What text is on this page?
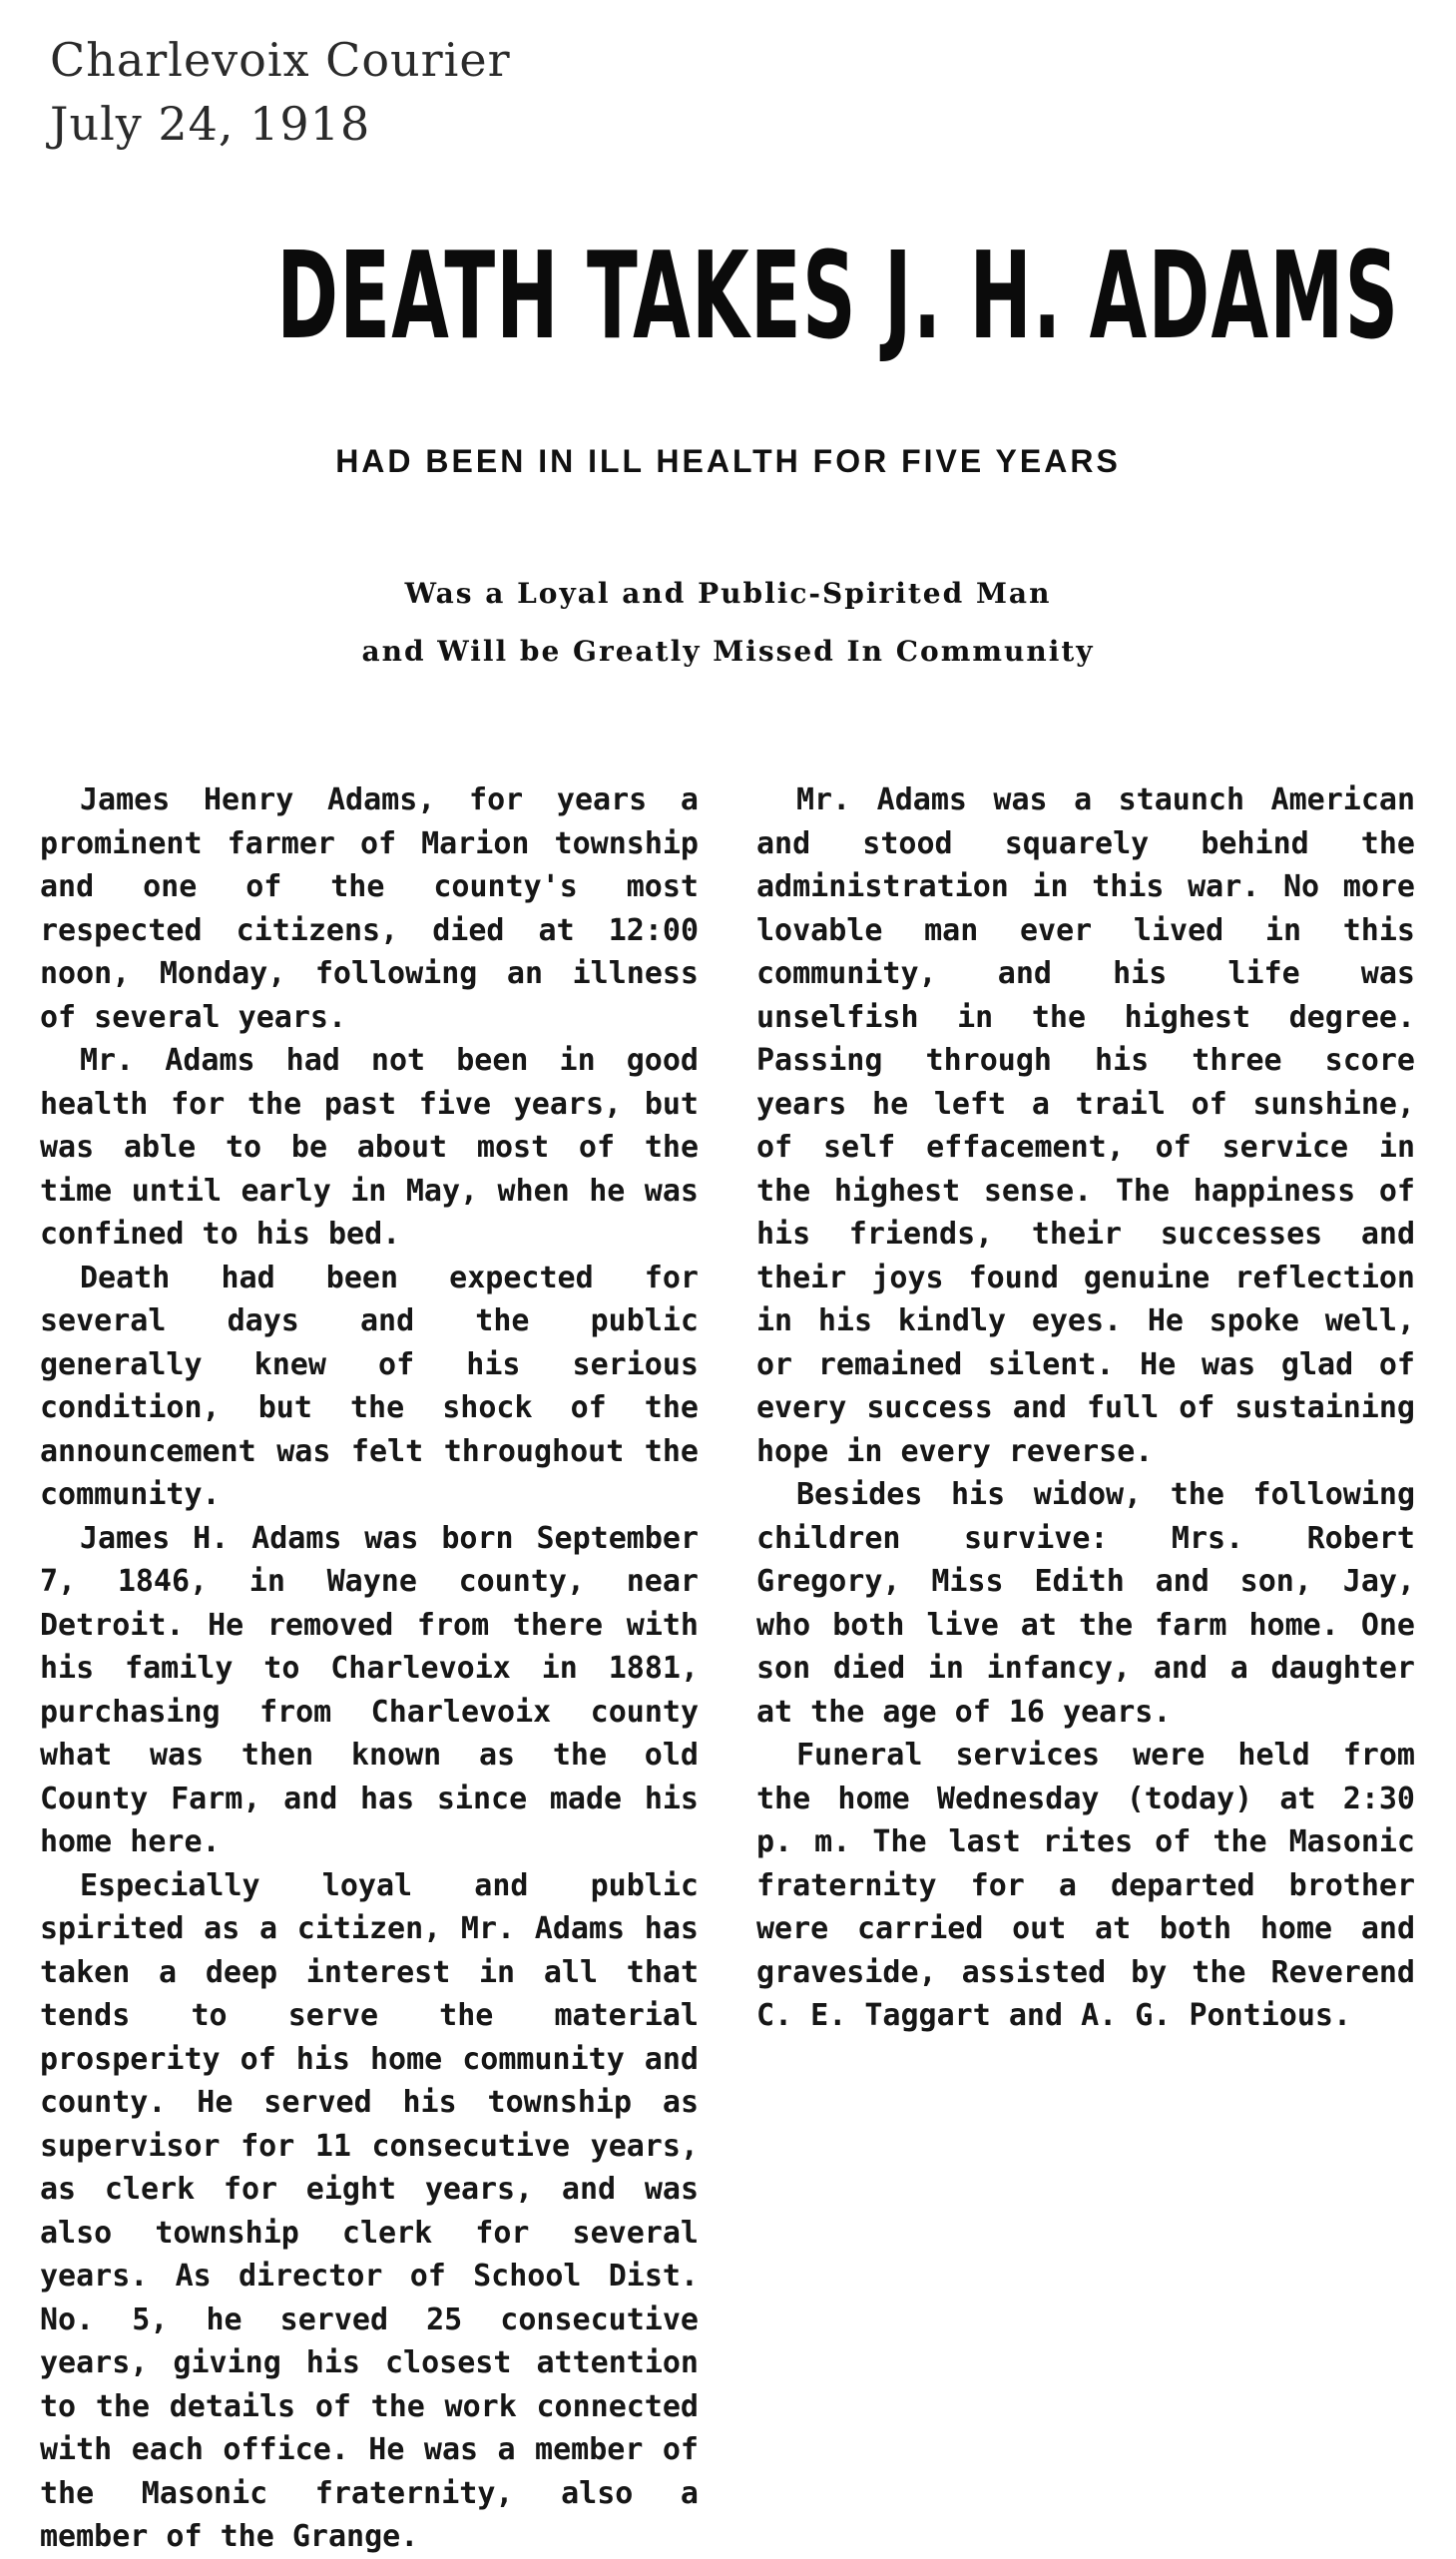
Charlevoix Courier
July 24, 1918
DEATH TAKES J. H. ADAMS
HAD BEEN IN ILL HEALTH FOR FIVE YEARS
Was a Loyal and Public-Spirited Man
and Will be Greatly Missed In Community

James Henry Adams, for years a prominent farmer of Marion township and one of the county's most respected citizens, died at 12:00 noon, Monday, following an illness of several years.

Mr. Adams had not been in good health for the past five years, but was able to be about most of the time until early in May, when he was confined to his bed.

Death had been expected for several days and the public generally knew of his serious condition, but the shock of the announcement was felt throughout the community.

James H. Adams was born September 7, 1846, in Wayne county, near Detroit. He removed from there with his family to Charlevoix in 1881, purchasing from Charlevoix county what was then known as the old County Farm, and has since made his home here.

Especially loyal and public spirited as a citizen, Mr. Adams has taken a deep interest in all that tends to serve the material prosperity of his home community and county. He served his township as supervisor for 11 consecutive years, as clerk for eight years, and was also township clerk for several years. As director of School Dist. No. 5, he served 25 consecutive years, giving his closest attention to the details of the work connected with each office. He was a member of the Masonic fraternity, also a member of the Grange.

Mr. Adams was a staunch American and stood squarely behind the administration in this war. No more lovable man ever lived in this community, and his life was unselfish in the highest degree. Passing through his three score years he left a trail of sunshine, of self effacement, of service in the highest sense. The happiness of his friends, their successes and their joys found genuine reflection in his kindly eyes. He spoke well, or remained silent. He was glad of every success and full of sustaining hope in every reverse.

Besides his widow, the following children survive: Mrs. Robert Gregory, Miss Edith and son, Jay, who both live at the farm home. One son died in infancy, and a daughter at the age of 16 years.

Funeral services were held from the home Wednesday (today) at 2:30 p. m. The last rites of the Masonic fraternity for a departed brother were carried out at both home and graveside, assisted by the Reverend C. E. Taggart and A. G. Pontious.
